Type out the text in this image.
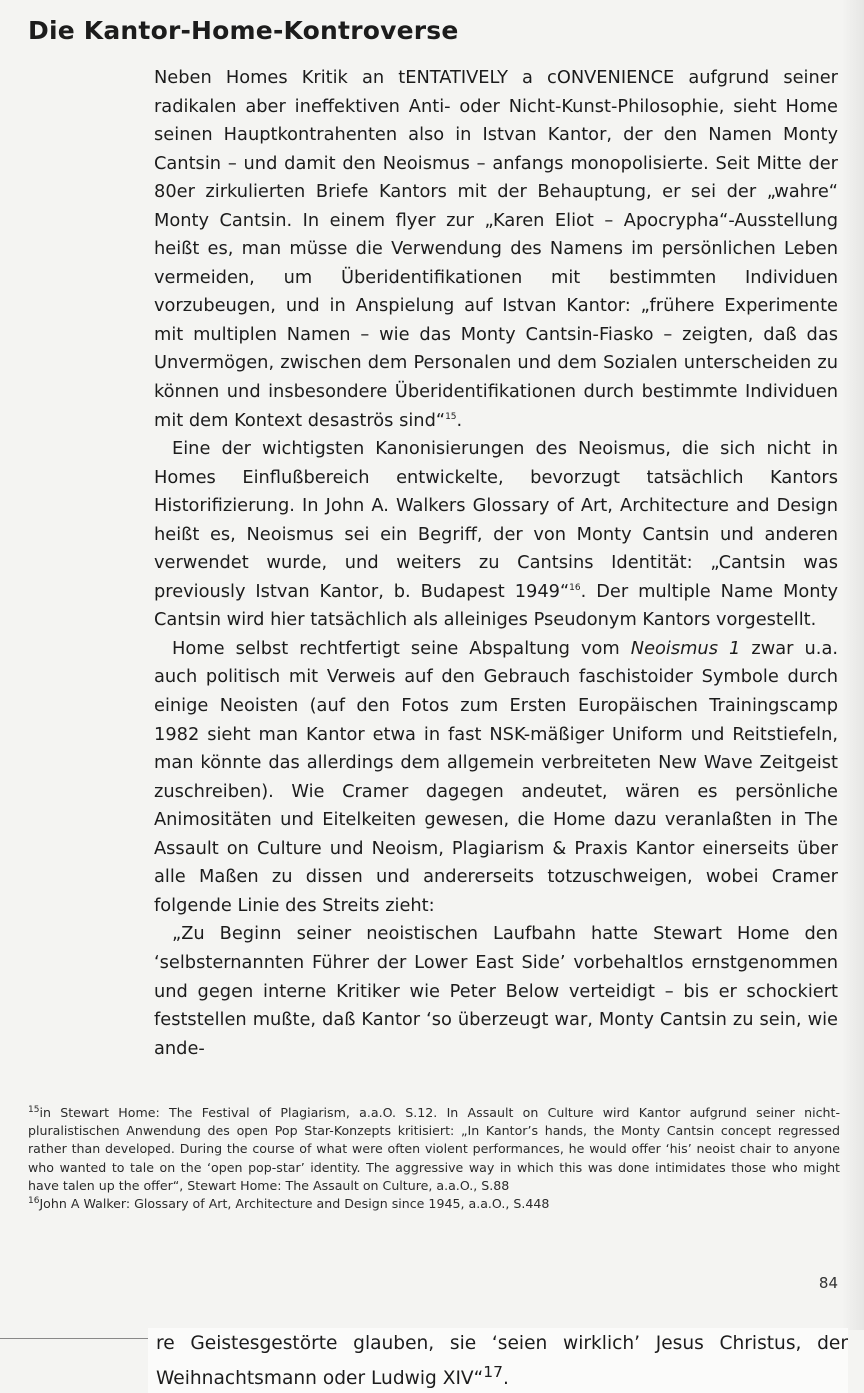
Die Kantor-Home-Kontroverse

Neben Homes Kritik an tENTATIVELY a cONVENIENCE aufgrund seiner radikalen aber ineffektiven Anti- oder Nicht-Kunst-Philosophie, sieht Home seinen Hauptkontrahenten also in Istvan Kantor, der den Namen Monty Cantsin – und damit den Neoismus – anfangs monopolisierte. Seit Mitte der 80er zirkulierten Briefe Kantors mit der Behauptung, er sei der „wahre“ Monty Cantsin. In einem flyer zur „Karen Eliot – Apocrypha“-Ausstellung heißt es, man müsse die Verwendung des Namens im persönlichen Leben vermeiden, um Überidentifikationen mit bestimmten Individuen vorzubeugen, und in Anspielung auf Istvan Kantor: „frühere Experimente mit multiplen Namen – wie das Monty Cantsin-Fiasko – zeigten, daß das Unvermögen, zwischen dem Personalen und dem Sozialen unterscheiden zu können und insbesondere Überidentifikationen durch bestimmte Individuen mit dem Kontext desaströs sind“$^{15}$.

Eine der wichtigsten Kanonisierungen des Neoismus, die sich nicht in Homes Einflußbereich entwickelte, bevorzugt tatsächlich Kantors Historifizierung. In John A. Walkers Glossary of Art, Architecture and Design heißt es, Neoismus sei ein Begriff, der von Monty Cantsin und anderen verwendet wurde, und weiters zu Cantsins Identität: „Cantsin was previously Istvan Kantor, b. Budapest 1949“$^{16}$. Der multiple Name Monty Cantsin wird hier tatsächlich als alleiniges Pseudonym Kantors vorgestellt.

Home selbst rechtfertigt seine Abspaltung vom Neoismus 1 zwar u.a. auch politisch mit Verweis auf den Gebrauch faschistoider Symbole durch einige Neoisten (auf den Fotos zum Ersten Europäischen Trainingscamp 1982 sieht man Kantor etwa in fast NSK-mäßiger Uniform und Reitstiefeln, man könnte das allerdings dem allgemein verbreiteten New Wave Zeitgeist zuschreiben). Wie Cramer dagegen andeutet, wären es persönliche Animositäten und Eitelkeiten gewesen, die Home dazu veranlaßten in The Assault on Culture und Neoism, Plagiarism & Praxis Kantor einerseits über alle Maßen zu dissen und andererseits totzuschweigen, wobei Cramer folgende Linie des Streits zieht:

„Zu Beginn seiner neoistischen Laufbahn hatte Stewart Home den ‘selbsternannten Führer der Lower East Side’ vorbehaltlos ernstgenommen und gegen interne Kritiker wie Peter Below verteidigt – bis er schockiert feststellen mußte, daß Kantor ‘so überzeugt war, Monty Cantsin zu sein, wie ande-

$^{15}$in Stewart Home: The Festival of Plagiarism, a.a.O. S.12. In Assault on Culture wird Kantor aufgrund seiner nicht-pluralistischen Anwendung des open Pop Star-Konzepts kritisiert: „In Kantor’s hands, the Monty Cantsin concept regressed rather than developed. During the course of what were often violent performances, he would offer ‘his’ neoist chair to anyone who wanted to tale on the ‘open pop-star’ identity. The aggressive way in which this was done intimidates those who might have talen up the offer“, Stewart Home: The Assault on Culture, a.a.O., S.88

$^{16}$John A Walker: Glossary of Art, Architecture and Design since 1945, a.a.O., S.448

84

re Geistesgestörte glauben, sie ‘seien wirklich’ Jesus Christus, der Weihnachtsmann oder Ludwig XIV“$^{17}$.
